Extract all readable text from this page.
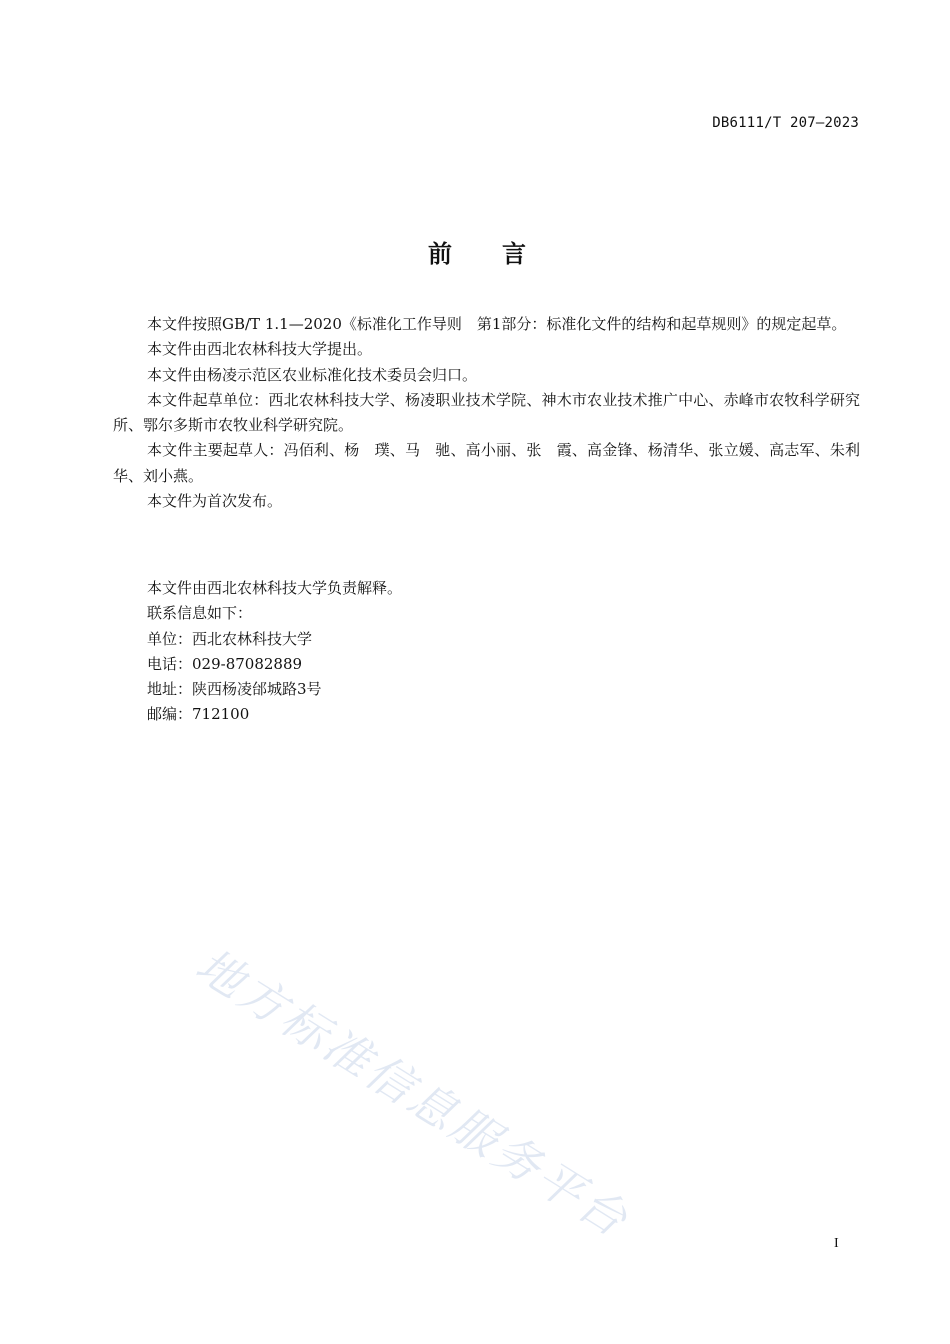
DB6111/T 207—2023
前言

本文件按照GB/T 1.1—2020《标准化工作导则　第1部分：标准化文件的结构和起草规则》的规定起草。

本文件由西北农林科技大学提出。

本文件由杨凌示范区农业标准化技术委员会归口。

本文件起草单位：西北农林科技大学、杨凌职业技术学院、神木市农业技术推广中心、赤峰市农牧科学研究所、鄂尔多斯市农牧业科学研究院。

本文件主要起草人：冯佰利、杨　璞、马　驰、高小丽、张　霞、高金锋、杨清华、张立媛、高志军、朱利华、刘小燕。

本文件为首次发布。

本文件由西北农林科技大学负责解释。

联系信息如下：

单位：西北农林科技大学

电话：029-87082889

地址：陕西杨凌邰城路3号

邮编：712100

地方标准信息服务平台	I
